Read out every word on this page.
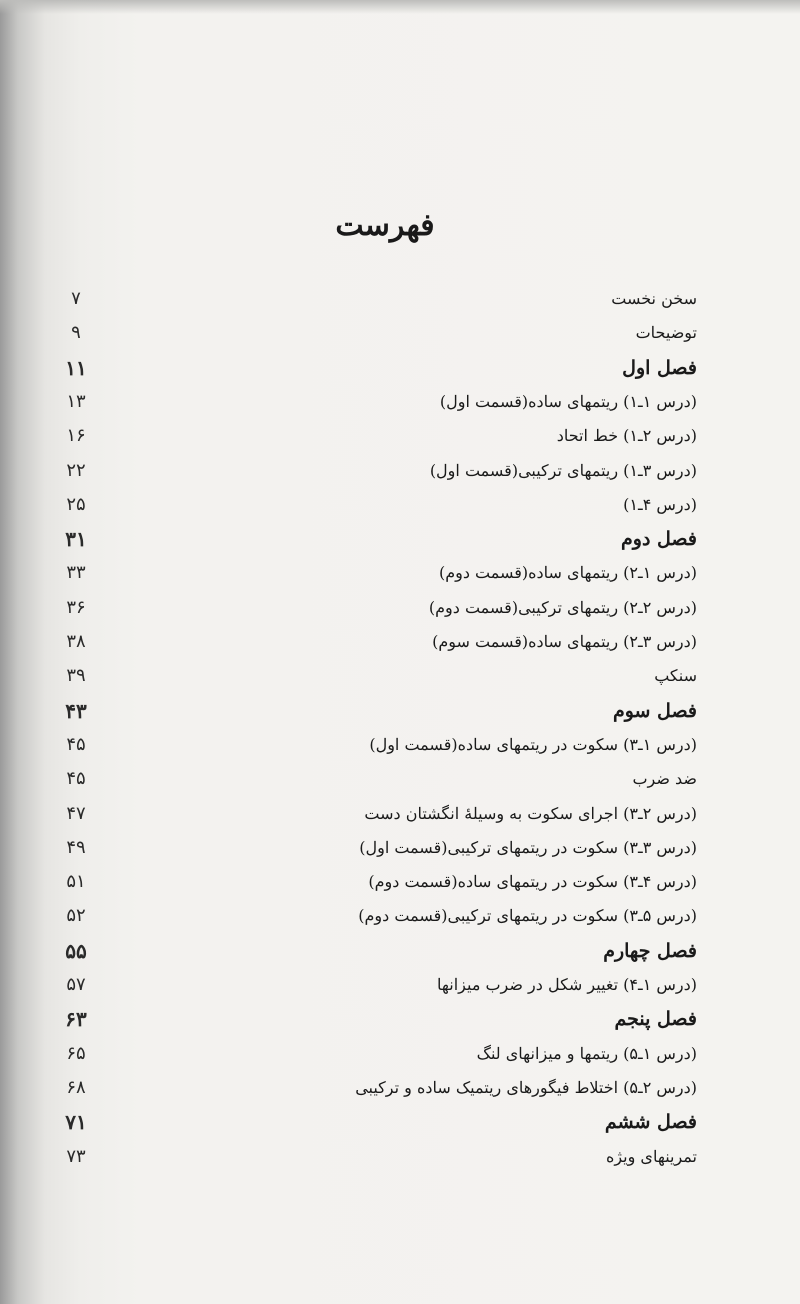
فهرست
۷	سخن نخست
۹	توضیحات
۱۱	فصل اول
۱۳	(درس ۱ـ۱) ریتمهای ساده(قسمت اول)
۱۶	(درس ۲ـ۱) خط اتحاد
۲۲	(درس ۳ـ۱) ریتمهای ترکیبی(قسمت اول)
۲۵	(درس ۴ـ۱)
۳۱	فصل دوم
۳۳	(درس ۱ـ۲) ریتمهای ساده(قسمت دوم)
۳۶	(درس ۲ـ۲) ریتمهای ترکیبی(قسمت دوم)
۳۸	(درس ۳ـ۲) ریتمهای ساده(قسمت سوم)
۳۹	سنکپ
۴۳	فصل سوم
۴۵	(درس ۱ـ۳) سکوت در ریتمهای ساده(قسمت اول)
۴۵	ضد ضرب
۴۷	(درس ۲ـ۳) اجرای سکوت به وسیلهٔ انگشتان دست
۴۹	(درس ۳ـ۳) سکوت در ریتمهای ترکیبی(قسمت اول)
۵۱	(درس ۴ـ۳) سکوت در ریتمهای ساده(قسمت دوم)
۵۲	(درس ۵ـ۳) سکوت در ریتمهای ترکیبی(قسمت دوم)
۵۵	فصل چهارم
۵۷	(درس ۱ـ۴) تغییر شکل در ضرب میزانها
۶۳	فصل پنجم
۶۵	(درس ۱ـ۵) ریتمها و میزانهای لنگ
۶۸	(درس ۲ـ۵) اختلاط فیگورهای ریتمیک ساده و ترکیبی
۷۱	فصل ششم
۷۳	تمرینهای ویژه
